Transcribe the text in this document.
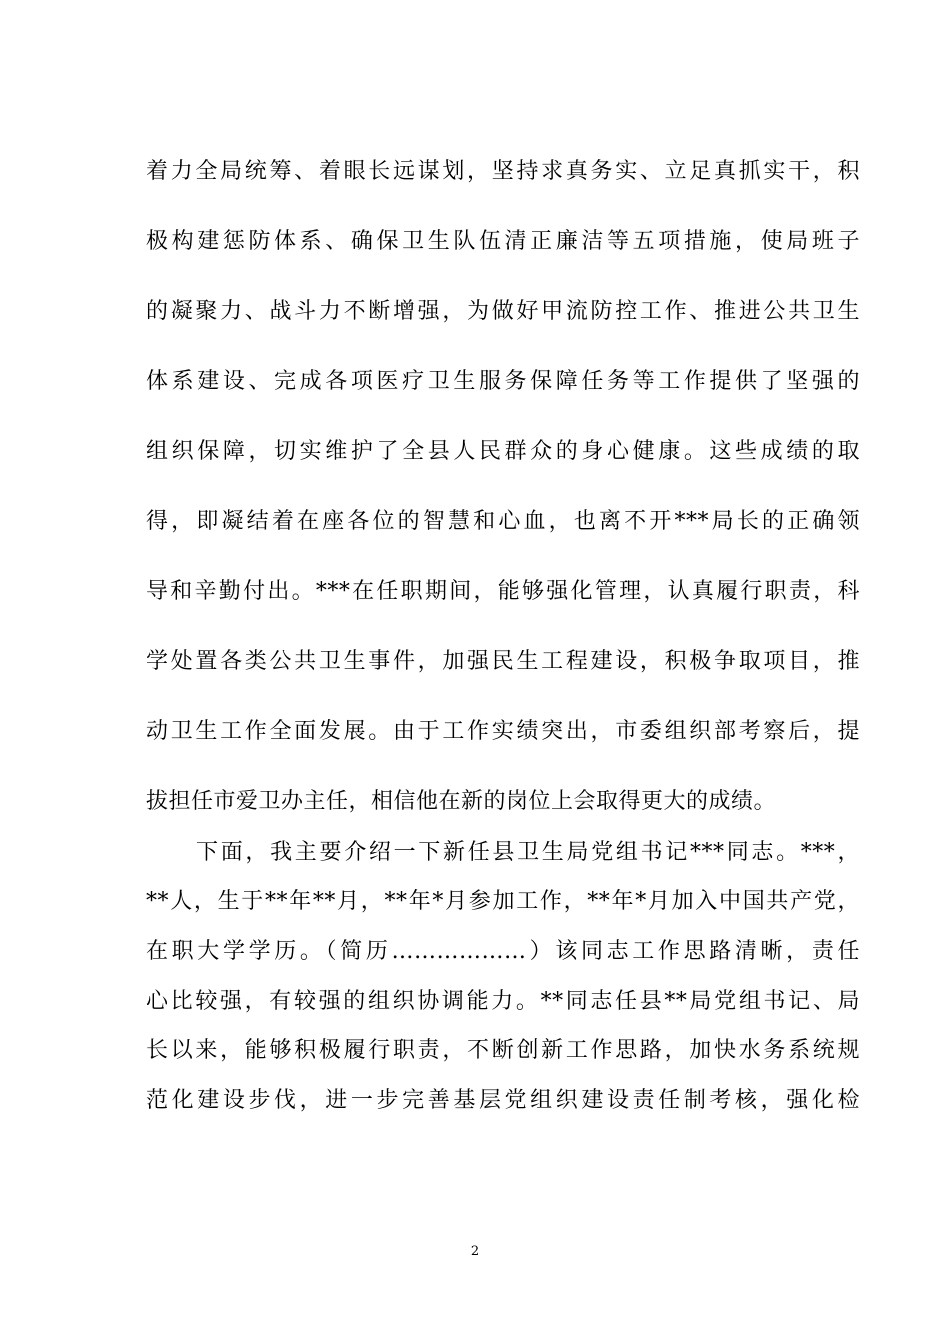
着力全局统筹、着眼长远谋划，坚持求真务实、立足真抓实干，积
极构建惩防体系、确保卫生队伍清正廉洁等五项措施，使局班子
的凝聚力、战斗力不断增强，为做好甲流防控工作、推进公共卫生
体系建设、完成各项医疗卫生服务保障任务等工作提供了坚强的
组织保障，切实维护了全县人民群众的身心健康。这些成绩的取
得，即凝结着在座各位的智慧和心血，也离不开***局长的正确领
导和辛勤付出。***在任职期间，能够强化管理，认真履行职责，科
学处置各类公共卫生事件，加强民生工程建设，积极争取项目，推
动卫生工作全面发展。由于工作实绩突出，市委组织部考察后，提
拔担任市爱卫办主任，相信他在新的岗位上会取得更大的成绩。
下面，我主要介绍一下新任县卫生局党组书记***同志。***，
**人，生于**年**月，**年*月参加工作，**年*月加入中国共产党，
在职大学学历。（简历………………）该同志工作思路清晰，责任
心比较强，有较强的组织协调能力。**同志任县**局党组书记、局
长以来，能够积极履行职责，不断创新工作思路，加快水务系统规
范化建设步伐，进一步完善基层党组织建设责任制考核，强化检
2
